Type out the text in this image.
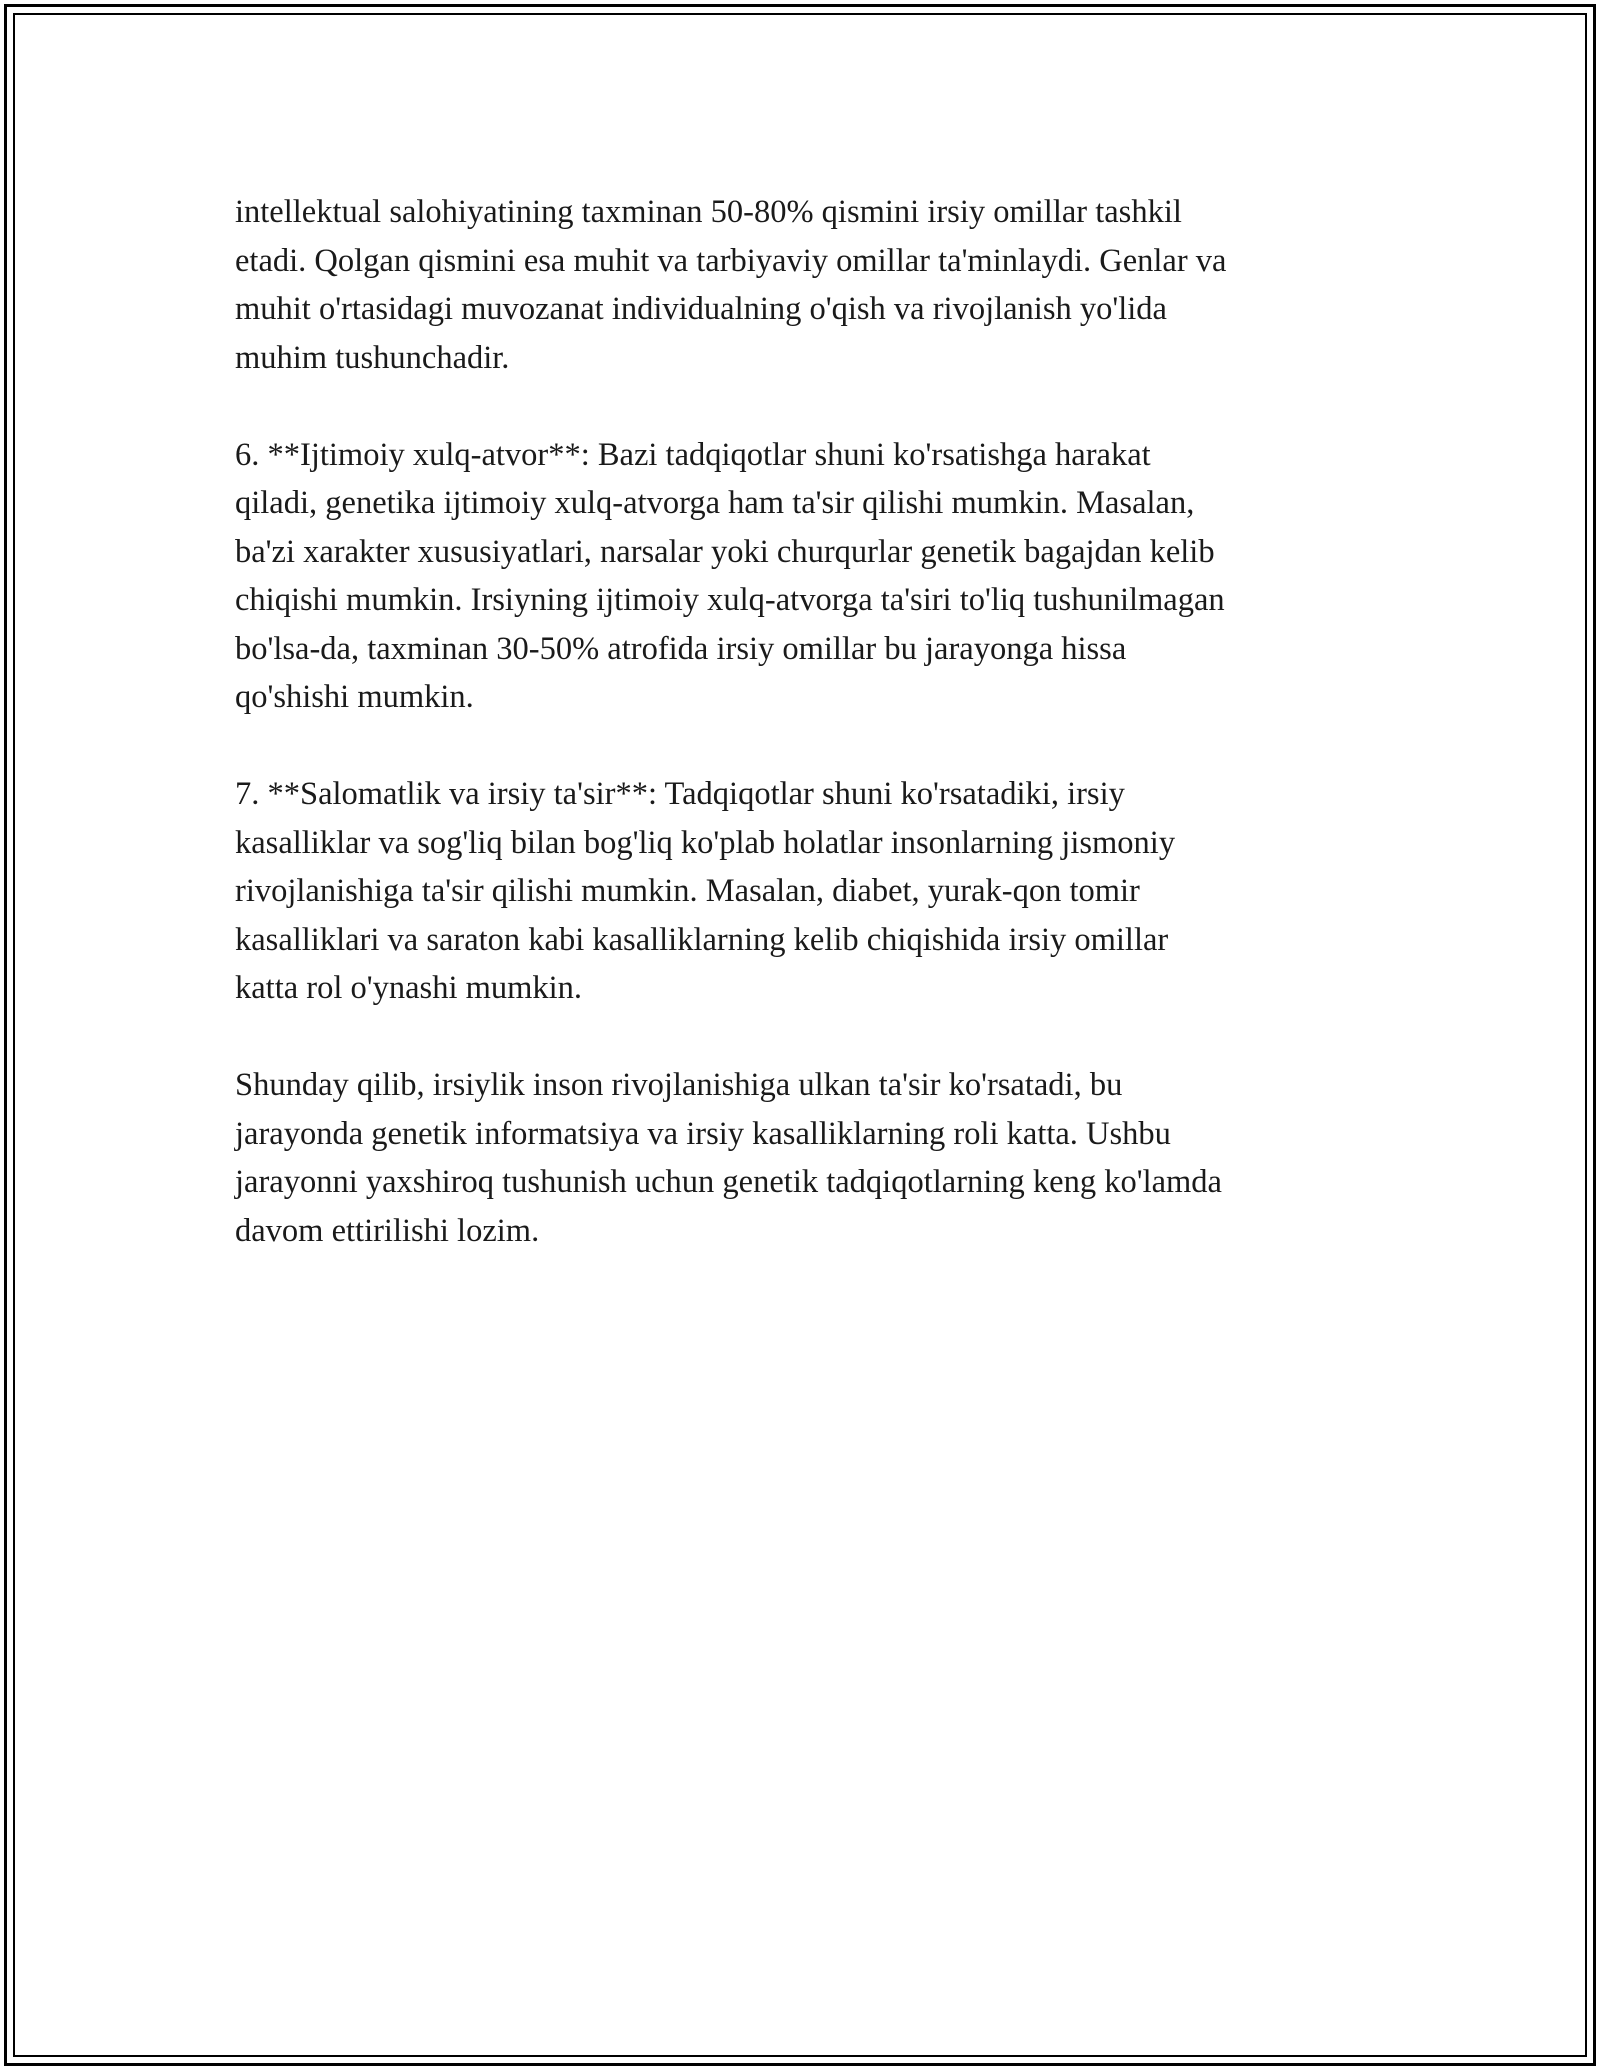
intellektual salohiyatining taxminan 50-80% qismini irsiy omillar tashkil
etadi. Qolgan qismini esa muhit va tarbiyaviy omillar ta'minlaydi. Genlar va
muhit o'rtasidagi muvozanat individualning o'qish va rivojlanish yo'lida
muhim tushunchadir.

6. **Ijtimoiy xulq-atvor**: Bazi tadqiqotlar shuni ko'rsatishga harakat
qiladi, genetika ijtimoiy xulq-atvorga ham ta'sir qilishi mumkin. Masalan,
ba'zi xarakter xususiyatlari, narsalar yoki churqurlar genetik bagajdan kelib
chiqishi mumkin. Irsiyning ijtimoiy xulq-atvorga ta'siri to'liq tushunilmagan
bo'lsa-da, taxminan 30-50% atrofida irsiy omillar bu jarayonga hissa
qo'shishi mumkin.

7. **Salomatlik va irsiy ta'sir**: Tadqiqotlar shuni ko'rsatadiki, irsiy
kasalliklar va sog'liq bilan bog'liq ko'plab holatlar insonlarning jismoniy
rivojlanishiga ta'sir qilishi mumkin. Masalan, diabet, yurak-qon tomir
kasalliklari va saraton kabi kasalliklarning kelib chiqishida irsiy omillar
katta rol o'ynashi mumkin.

Shunday qilib, irsiylik inson rivojlanishiga ulkan ta'sir ko'rsatadi, bu
jarayonda genetik informatsiya va irsiy kasalliklarning roli katta. Ushbu
jarayonni yaxshiroq tushunish uchun genetik tadqiqotlarning keng ko'lamda
davom ettirilishi lozim.
